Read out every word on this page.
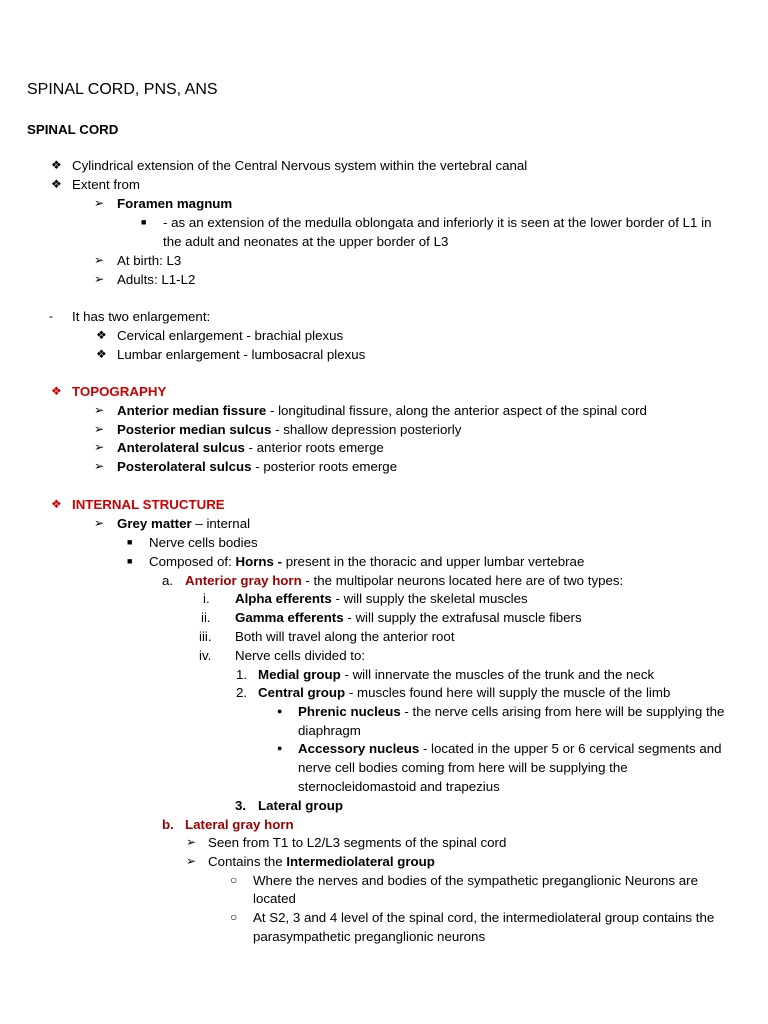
SPINAL CORD, PNS, ANS
SPINAL CORD
❖ Cylindrical extension of the Central Nervous system within the vertebral canal
❖ Extent from
➢ Foramen magnum
■ - as an extension of the medulla oblongata and inferiorly it is seen at the lower border of L1 in
the adult and neonates at the upper border of L3
➢ At birth: L3
➢ Adults: L1-L2
- It has two enlargement:
❖ Cervical enlargement - brachial plexus
❖ Lumbar enlargement - lumbosacral plexus
❖ TOPOGRAPHY
➢ Anterior median fissure - longitudinal fissure, along the anterior aspect of the spinal cord
➢ Posterior median sulcus - shallow depression posteriorly
➢ Anterolateral sulcus - anterior roots emerge
➢ Posterolateral sulcus - posterior roots emerge
❖ INTERNAL STRUCTURE
➢ Grey matter – internal
■ Nerve cells bodies
■ Composed of: Horns - present in the thoracic and upper lumbar vertebrae
a. Anterior gray horn - the multipolar neurons located here are of two types:
i. Alpha efferents - will supply the skeletal muscles
ii. Gamma efferents - will supply the extrafusal muscle fibers
iii. Both will travel along the anterior root
iv. Nerve cells divided to:
1. Medial group - will innervate the muscles of the trunk and the neck
2. Central group - muscles found here will supply the muscle of the limb
● Phrenic nucleus - the nerve cells arising from here will be supplying the
diaphragm
● Accessory nucleus - located in the upper 5 or 6 cervical segments and
nerve cell bodies coming from here will be supplying the
sternocleidomastoid and trapezius
3. Lateral group
b. Lateral gray horn
➢ Seen from T1 to L2/L3 segments of the spinal cord
➢ Contains the Intermediolateral group
○ Where the nerves and bodies of the sympathetic preganglionic Neurons are
located
○ At S2, 3 and 4 level of the spinal cord, the intermediolateral group contains the
parasympathetic preganglionic neurons
